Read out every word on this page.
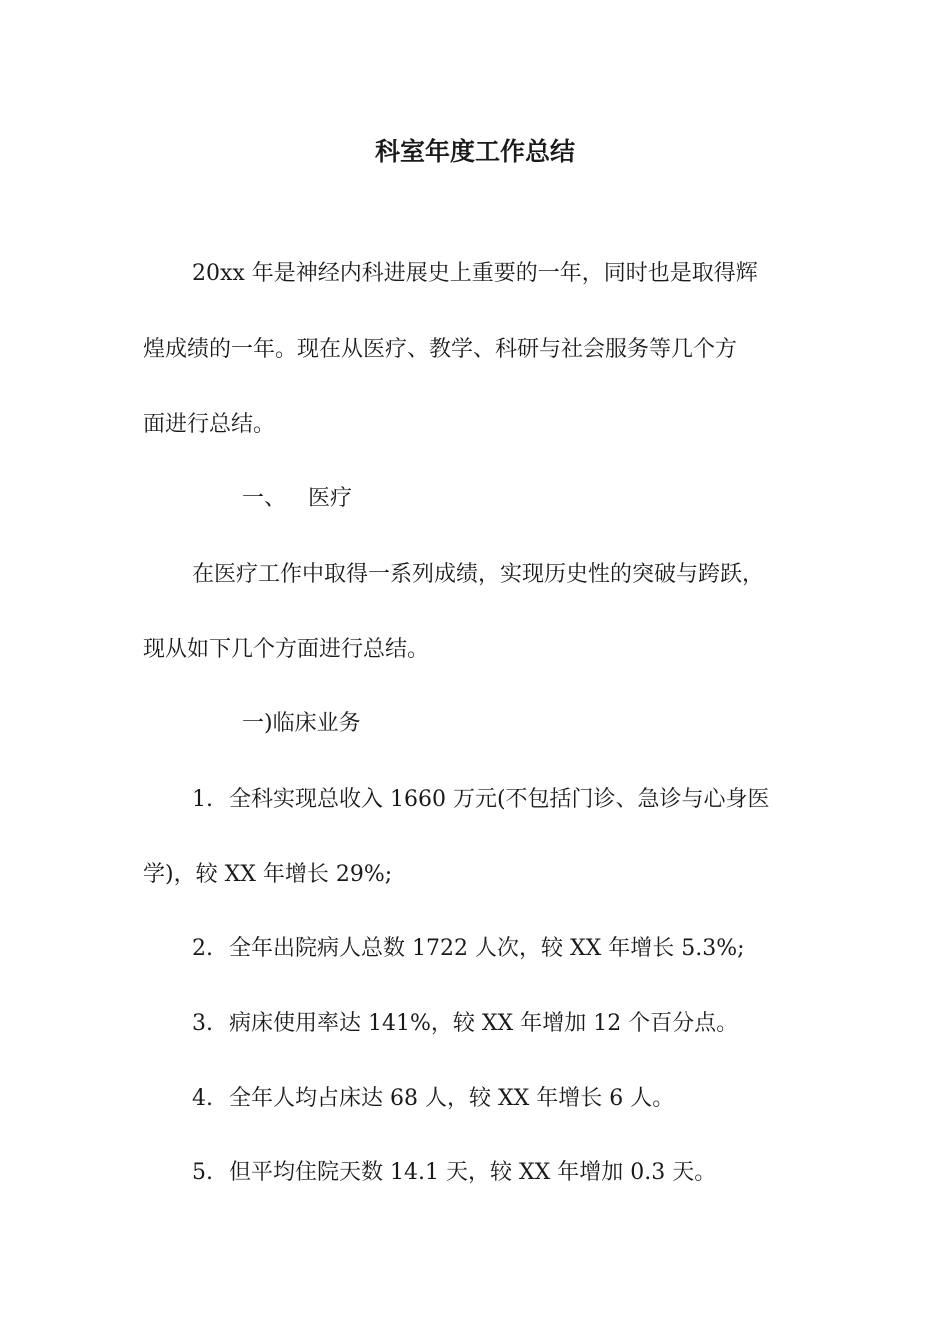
科室年度工作总结
20xx 年是神经内科进展史上重要的一年，同时也是取得辉
煌成绩的一年。现在从医疗、教学、科研与社会服务等几个方
面进行总结。
一、 医疗
在医疗工作中取得一系列成绩，实现历史性的突破与跨跃，
现从如下几个方面进行总结。
一)临床业务
1. 全科实现总收入 1660 万元(不包括门诊、急诊与心身医
学)，较 XX 年增长 29%;
2. 全年出院病人总数 1722 人次，较 XX 年增长 5.3%;
3. 病床使用率达 141%，较 XX 年增加 12 个百分点。
4. 全年人均占床达 68 人，较 XX 年增长 6 人。
5. 但平均住院天数 14.1 天，较 XX 年增加 0.3 天。
